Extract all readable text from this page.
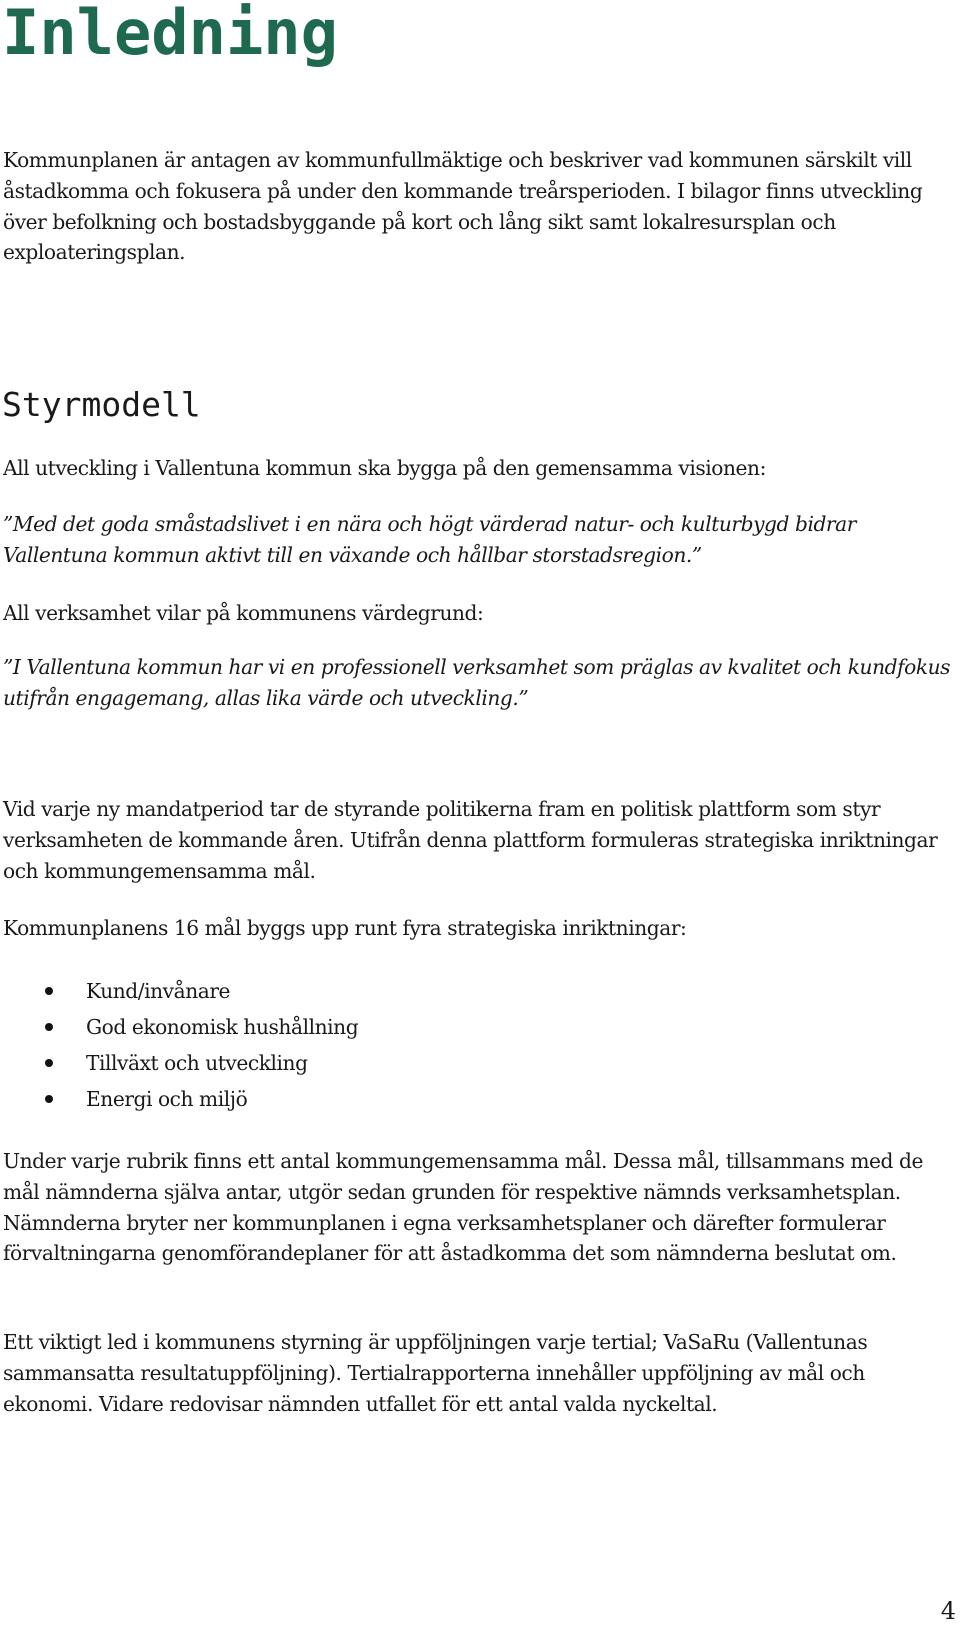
Inledning

Kommunplanen är antagen av kommunfullmäktige och beskriver vad kommunen särskilt vill åstadkomma och fokusera på under den kommande treårsperioden. I bilagor finns utveckling över befolkning och bostadsbyggande på kort och lång sikt samt lokalresursplan och exploateringsplan.

Styrmodell

All utveckling i Vallentuna kommun ska bygga på den gemensamma visionen:

”Med det goda småstadslivet i en nära och högt värderad natur- och kulturbygd bidrar Vallentuna kommun aktivt till en växande och hållbar storstadsregion.”

All verksamhet vilar på kommunens värdegrund:

”I Vallentuna kommun har vi en professionell verksamhet som präglas av kvalitet och kundfokus utifrån engagemang, allas lika värde och utveckling.”

Vid varje ny mandatperiod tar de styrande politikerna fram en politisk plattform som styr verksamheten de kommande åren. Utifrån denna plattform formuleras strategiska inriktningar och kommungemensamma mål.

Kommunplanens 16 mål byggs upp runt fyra strategiska inriktningar:

Kund/invånare
God ekonomisk hushållning
Tillväxt och utveckling
Energi och miljö

Under varje rubrik finns ett antal kommungemensamma mål. Dessa mål, tillsammans med de mål nämnderna själva antar, utgör sedan grunden för respektive nämnds verksamhetsplan. Nämnderna bryter ner kommunplanen i egna verksamhetsplaner och därefter formulerar förvaltningarna genomförandeplaner för att åstadkomma det som nämnderna beslutat om.

Ett viktigt led i kommunens styrning är uppföljningen varje tertial; VaSaRu (Vallentunas sammansatta resultatuppföljning). Tertialrapporterna innehåller uppföljning av mål och ekonomi. Vidare redovisar nämnden utfallet för ett antal valda nyckeltal.

4
